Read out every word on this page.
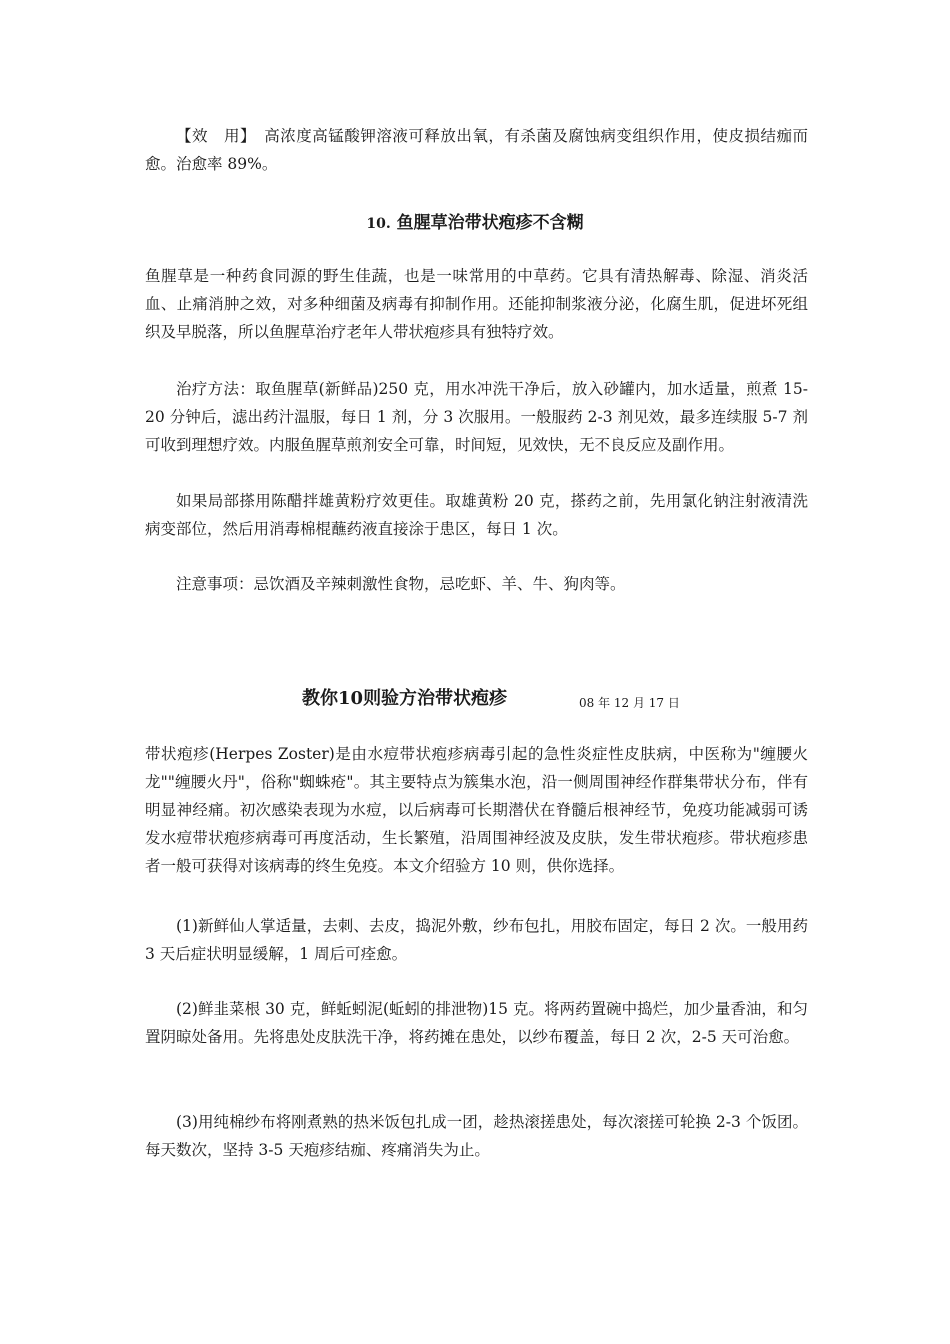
【效　用】　高浓度高锰酸钾溶液可释放出氧，有杀菌及腐蚀病变组织作用，使皮损结痂而愈。治愈率 89%。

10. 鱼腥草治带状疱疹不含糊

鱼腥草是一种药食同源的野生佳蔬，也是一味常用的中草药。它具有清热解毒、除湿、消炎活血、止痛消肿之效，对多种细菌及病毒有抑制作用。还能抑制浆液分泌，化腐生肌，促进坏死组织及早脱落，所以鱼腥草治疗老年人带状疱疹具有独特疗效。

治疗方法：取鱼腥草(新鲜品)250 克，用水冲洗干净后，放入砂罐内，加水适量，煎煮 15-20 分钟后，滤出药汁温服，每日 1 剂，分 3 次服用。一般服药 2-3 剂见效，最多连续服 5-7 剂可收到理想疗效。内服鱼腥草煎剂安全可靠，时间短，见效快，无不良反应及副作用。

如果局部搽用陈醋拌雄黄粉疗效更佳。取雄黄粉 20 克，搽药之前，先用氯化钠注射液清洗病变部位，然后用消毒棉棍蘸药液直接涂于患区，每日 1 次。

注意事项：忌饮酒及辛辣刺激性食物，忌吃虾、羊、牛、狗肉等。

教你10则验方治带状疱疹	08 年 12 月 17 日

带状疱疹(Herpes Zoster)是由水痘带状疱疹病毒引起的急性炎症性皮肤病，中医称为"缠腰火龙""缠腰火丹"，俗称"蜘蛛疮"。其主要特点为簇集水泡，沿一侧周围神经作群集带状分布，伴有明显神经痛。初次感染表现为水痘，以后病毒可长期潜伏在脊髓后根神经节，免疫功能减弱可诱发水痘带状疱疹病毒可再度活动，生长繁殖，沿周围神经波及皮肤，发生带状疱疹。带状疱疹患者一般可获得对该病毒的终生免疫。本文介绍验方 10 则，供你选择。

(1)新鲜仙人掌适量，去刺、去皮，捣泥外敷，纱布包扎，用胶布固定，每日 2 次。一般用药 3 天后症状明显缓解，1 周后可痊愈。

(2)鲜韭菜根 30 克，鲜蚯蚓泥(蚯蚓的排泄物)15 克。将两药置碗中捣烂，加少量香油，和匀置阴晾处备用。先将患处皮肤洗干净，将药摊在患处，以纱布覆盖，每日 2 次，2-5 天可治愈。

(3)用纯棉纱布将刚煮熟的热米饭包扎成一团，趁热滚搓患处，每次滚搓可轮换 2-3 个饭团。每天数次，坚持 3-5 天疱疹结痂、疼痛消失为止。
